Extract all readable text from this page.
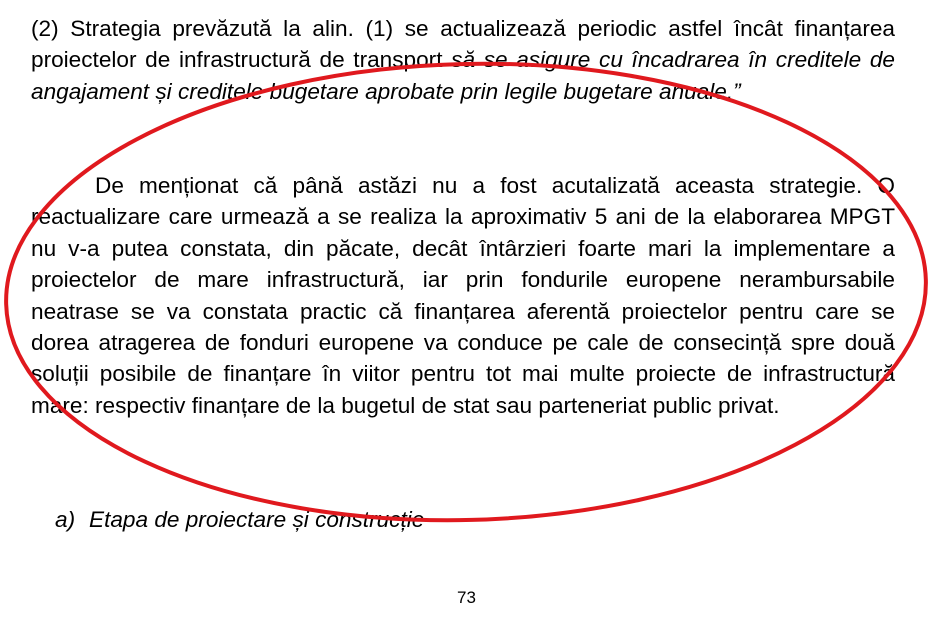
(2) Strategia prevăzută la alin. (1) se actualizează periodic astfel încât finanțarea proiectelor de infrastructură de transport să se asigure cu încadrarea în creditele de angajament și creditele bugetare aprobate prin legile bugetare anuale.”

De menționat că până astăzi nu a fost acutalizată aceasta strategie. O reactualizare care urmează a se realiza la aproximativ 5 ani de la elaborarea MPGT nu v-a putea constata, din păcate, decât întârzieri foarte mari la implementare a proiectelor de mare infrastructură, iar prin fondurile europene nerambursabile neatrase se va constata practic că finanțarea aferentă proiectelor pentru care se dorea atragerea de fonduri europene va conduce pe cale de consecință spre două soluții posibile de finanțare în viitor pentru tot mai multe proiecte de infrastructură mare: respectiv finanțare de la bugetul de stat sau parteneriat public privat.

a) Etapa de proiectare și construcție

73
